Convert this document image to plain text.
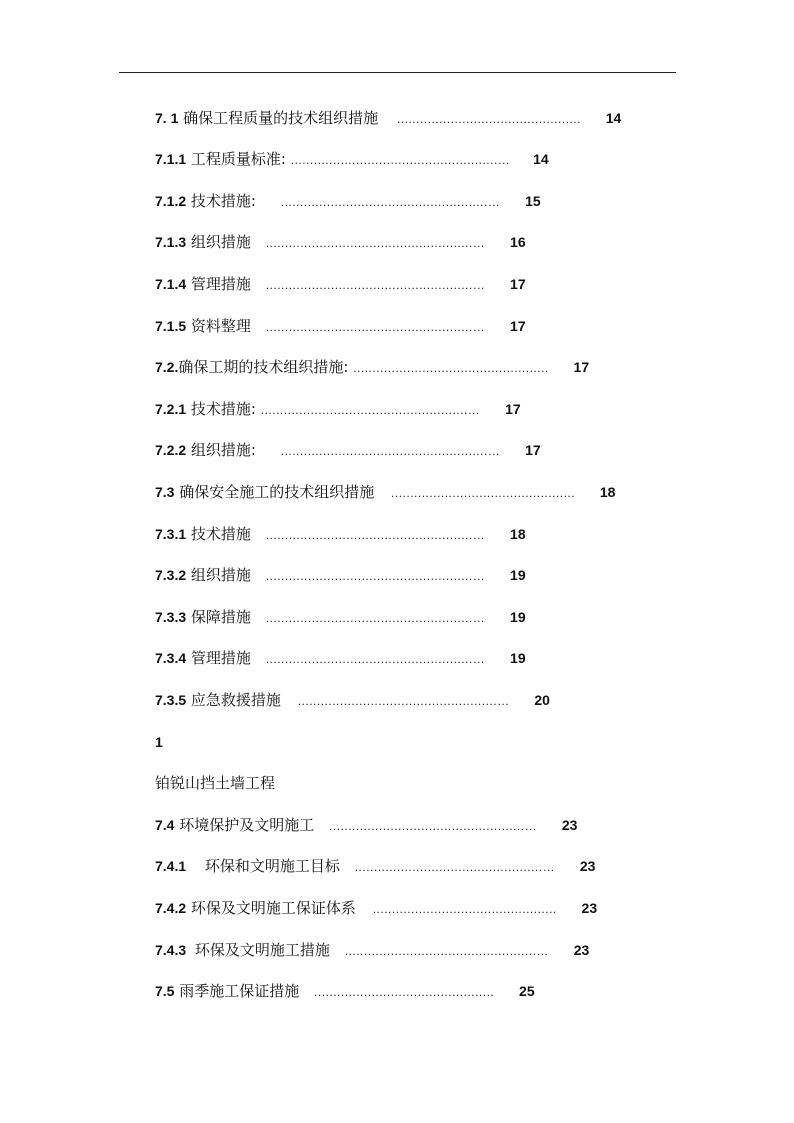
7. 1 确保工程质量的技术组织措施 ................................................ 14
7.1.1 工程质量标准: ......................................................… 14
7.1.2 技术措施: ......................................................… 15
7.1.3 组织措施 ......................................................… 16
7.1.4 管理措施 ......................................................… 17
7.1.5 资料整理 ......................................................… 17
7.2.确保工期的技术组织措施: ................................................... 17
7.2.1 技术措施: ......................................................… 17
7.2.2 组织措施: ......................................................… 17
7.3 确保安全施工的技术组织措施 ................................................ 18
7.3.1 技术措施 ......................................................… 18
7.3.2 组织措施 ......................................................… 19
7.3.3 保障措施 ......................................................… 19
7.3.4 管理措施 ......................................................… 19
7.3.5 应急救援措施 ....................................................… 20
1
铂锐山挡土墙工程
7.4 环境保护及文明施工 ...................................................… 23
7.4.1 环保和文明施工目标 .................................................… 23
7.4.2 环保及文明施工保证体系 ................................................ 23
7.4.3 环保及文明施工措施 ..................................................… 23
7.5 雨季施工保证措施 ............................................... 25
